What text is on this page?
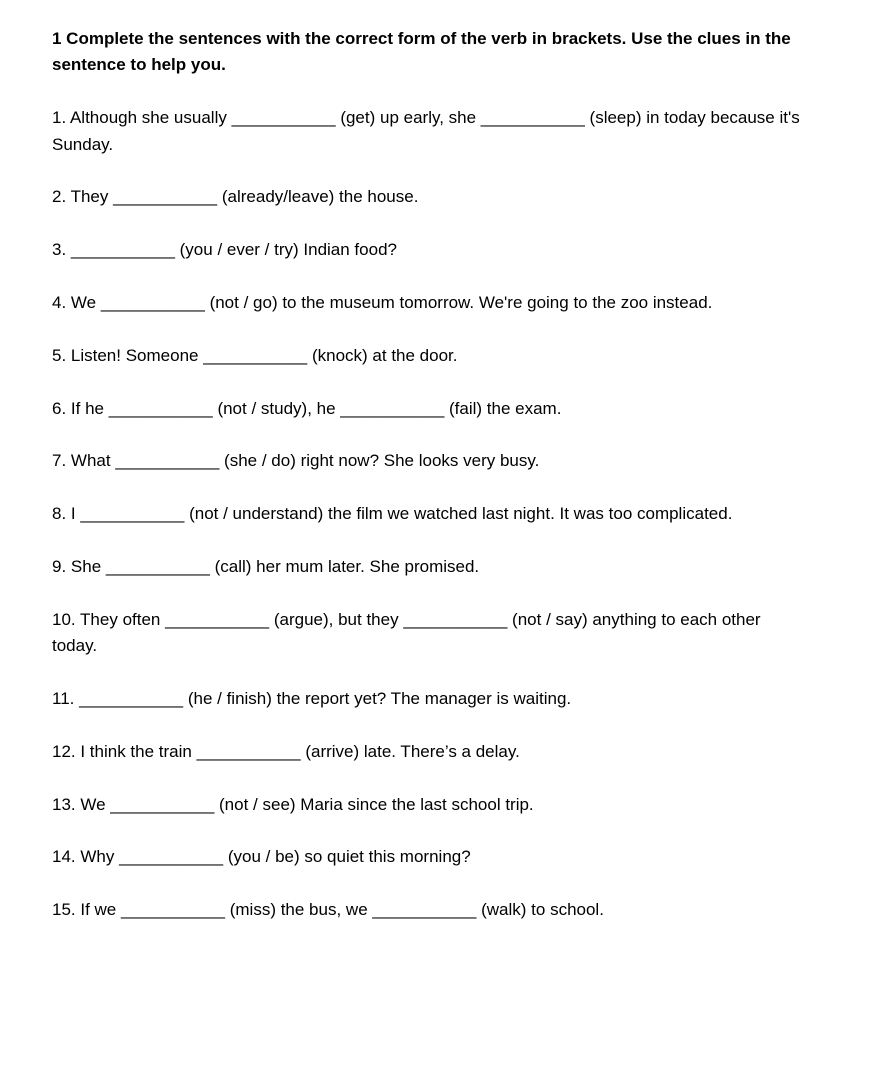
1 Complete the sentences with the correct form of the verb in brackets. Use the clues in the sentence to help you.

1. Although she usually ___________ (get) up early, she ___________ (sleep) in today because it's Sunday.

2. They ___________ (already/leave) the house.

3. ___________ (you / ever / try) Indian food?

4. We ___________ (not / go) to the museum tomorrow. We're going to the zoo instead.

5. Listen! Someone ___________ (knock) at the door.

6. If he ___________ (not / study), he ___________ (fail) the exam.

7. What ___________ (she / do) right now? She looks very busy.

8. I ___________ (not / understand) the film we watched last night. It was too complicated.

9. She ___________ (call) her mum later. She promised.

10. They often ___________ (argue), but they ___________ (not / say) anything to each other today.

11. ___________ (he / finish) the report yet? The manager is waiting.

12. I think the train ___________ (arrive) late. There’s a delay.

13. We ___________ (not / see) Maria since the last school trip.

14. Why ___________ (you / be) so quiet this morning?

15. If we ___________ (miss) the bus, we ___________ (walk) to school.
